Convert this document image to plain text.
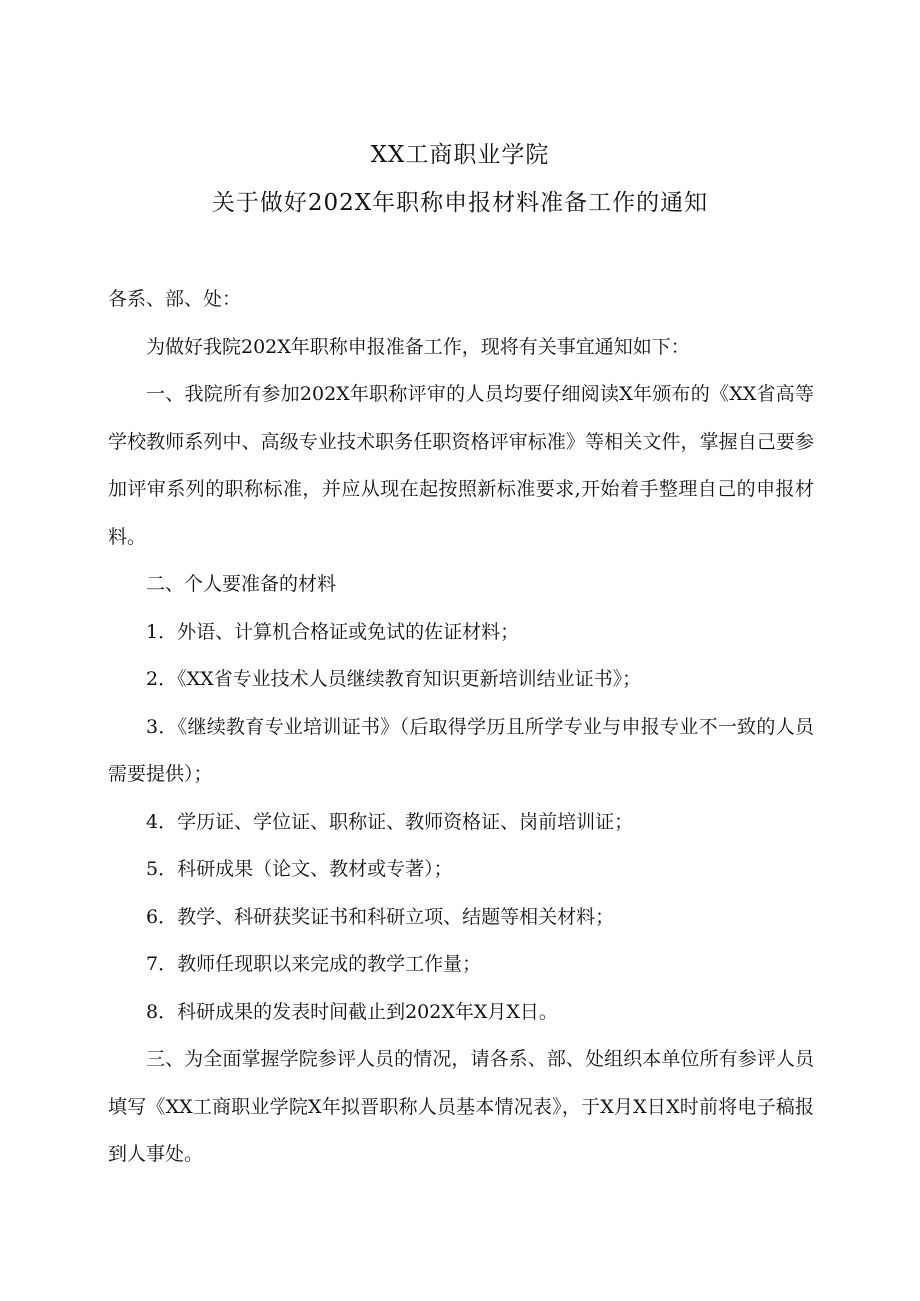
XX工商职业学院
关于做好202X年职称申报材料准备工作的通知

各系、部、处：

为做好我院202X年职称申报准备工作，现将有关事宜通知如下：

一、我院所有参加202X年职称评审的人员均要仔细阅读X年颁布的《XX省高等学校教师系列中、高级专业技术职务任职资格评审标准》等相关文件，掌握自己要参加评审系列的职称标准，并应从现在起按照新标准要求,开始着手整理自己的申报材料。

二、个人要准备的材料

1．外语、计算机合格证或免试的佐证材料；

2．《XX省专业技术人员继续教育知识更新培训结业证书》；

3．《继续教育专业培训证书》（后取得学历且所学专业与申报专业不一致的人员需要提供）；

4．学历证、学位证、职称证、教师资格证、岗前培训证；

5．科研成果（论文、教材或专著）；

6．教学、科研获奖证书和科研立项、结题等相关材料；

7．教师任现职以来完成的教学工作量；

8．科研成果的发表时间截止到202X年X月X日。

三、为全面掌握学院参评人员的情况，请各系、部、处组织本单位所有参评人员填写《XX工商职业学院X年拟晋职称人员基本情况表》，于X月X日X时前将电子稿报到人事处。
